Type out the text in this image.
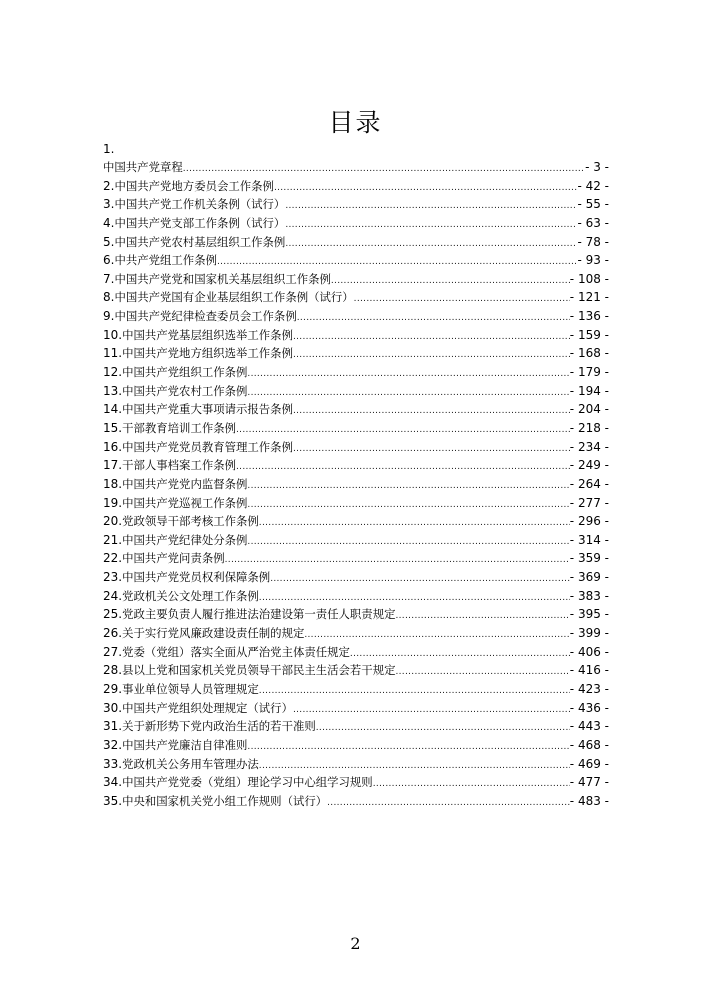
目录
1.
中国共产党章程 .....	- 3 -
2. 中国共产党地方委员会工作条例 .....	- 42 -
3. 中国共产党工作机关条例（试行） .....	- 55 -
4. 中国共产党支部工作条例（试行） .....	- 63 -
5. 中国共产党农村基层组织工作条例 .....	- 78 -
6. 中共产党组工作条例 .....	- 93 -
7. 中国共产党党和国家机关基层组织工作条例 .....	- 108 -
8. 中国共产党国有企业基层组织工作条例（试行） .....	- 121 -
9. 中国共产党纪律检查委员会工作条例 .....	- 136 -
10. 中国共产党基层组织选举工作条例 .....	- 159 -
11. 中国共产党地方组织选举工作条例 .....	- 168 -
12. 中国共产党组织工作条例 .....	- 179 -
13. 中国共产党农村工作条例 .....	- 194 -
14. 中国共产党重大事项请示报告条例 .....	- 204 -
15. 干部教育培训工作条例 .....	- 218 -
16. 中国共产党党员教育管理工作条例 .....	- 234 -
17. 干部人事档案工作条例 .....	- 249 -
18. 中国共产党党内监督条例 .....	- 264 -
19. 中国共产党巡视工作条例 .....	- 277 -
20. 党政领导干部考核工作条例 .....	- 296 -
21. 中国共产党纪律处分条例 .....	- 314 -
22. 中国共产党问责条例 .....	- 359 -
23. 中国共产党党员权利保障条例 .....	- 369 -
24. 党政机关公文处理工作条例 .....	- 383 -
25. 党政主要负责人履行推进法治建设第一责任人职责规定 .....	- 395 -
26. 关于实行党风廉政建设责任制的规定 .....	- 399 -
27. 党委（党组）落实全面从严治党主体责任规定 .....	- 406 -
28. 县以上党和国家机关党员领导干部民主生活会若干规定 .....	- 416 -
29. 事业单位领导人员管理规定 .....	- 423 -
30. 中国共产党组织处理规定（试行） .....	- 436 -
31. 关于新形势下党内政治生活的若干准则 .....	- 443 -
32. 中国共产党廉洁自律准则 .....	- 468 -
33. 党政机关公务用车管理办法 .....	- 469 -
34. 中国共产党党委（党组）理论学习中心组学习规则 .....	- 477 -
35. 中央和国家机关党小组工作规则（试行） .....	- 483 -
2
